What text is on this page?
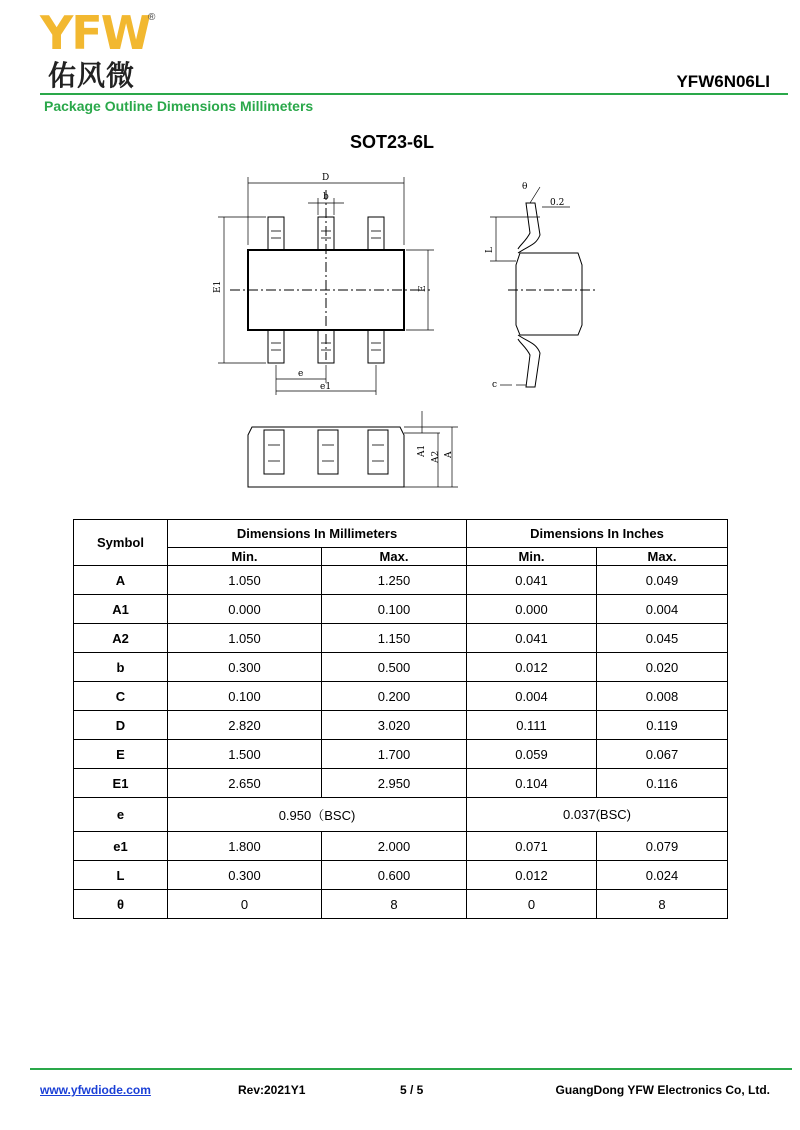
YFW
®
佑风微	YFW6N06LI
Package Outline Dimensions Millimeters
SOT23-6L
D
b
E1	E
e
e1
θ
0.2
L
c
A1 A2 A
Symbol	Dimensions In Millimeters		Dimensions In Inches	
	Min.	Max.	Min.	Max.
A	1.050	1.250	0.041	0.049
A1	0.000	0.100	0.000	0.004
A2	1.050	1.150	0.041	0.045
b	0.300	0.500	0.012	0.020
C	0.100	0.200	0.004	0.008
D	2.820	3.020	0.111	0.119
E	1.500	1.700	0.059	0.067
E1	2.650	2.950	0.104	0.116
e	0.950（BSC)		0.037(BSC)	
e1	1.800	2.000	0.071	0.079
L	0.300	0.600	0.012	0.024
θ	0	8	0	8
www.yfwdiode.com	Rev:2021Y1	5 / 5	GuangDong YFW Electronics Co, Ltd.
